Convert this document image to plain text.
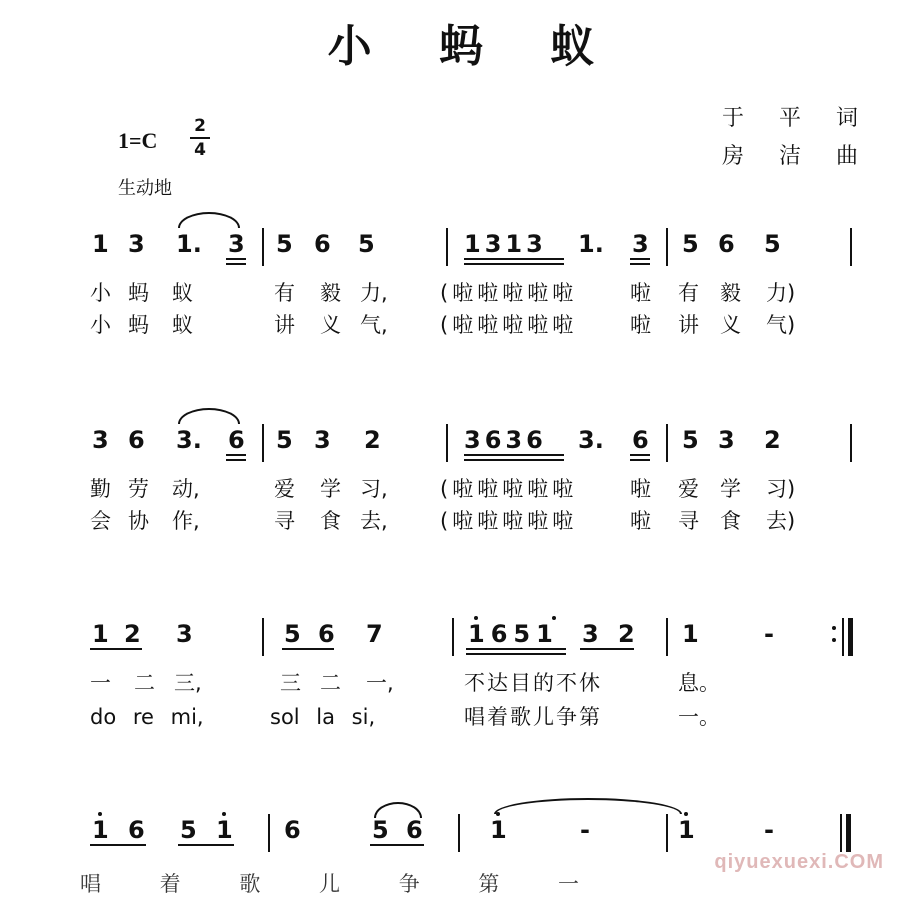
小 蚂 蚁
于 平 词
房 洁 曲
1=C
2
4
生动地
1 3 1. 3 5 6 5	1313 1. 3 5 6 5
小 蚂 蚁	有 毅 力, (啦啦啦啦啦	啦 有 毅 力)
小 蚂 蚁	讲 义 气, (啦啦啦啦啦	啦 讲 义 气)
3 6 3. 6 5 3 2	3636 3. 6 5 3 2
勤 劳 动,	爱 学 习, (啦啦啦啦啦	啦 爱 学 习)
会 协 作,	寻 食 去, (啦啦啦啦啦	啦 寻 食 去)
1 2 3	5 6 7	1651 3 2 1	-
一 二 三,	三 二 一,	不达目的不休	息。
do re mi,	sol la si,	唱着歌儿争第	一。
1 6 5 1 6	5 6	1	-	1	-
唱 着 歌 儿 争 第 一
qiyuexuexi.COM
